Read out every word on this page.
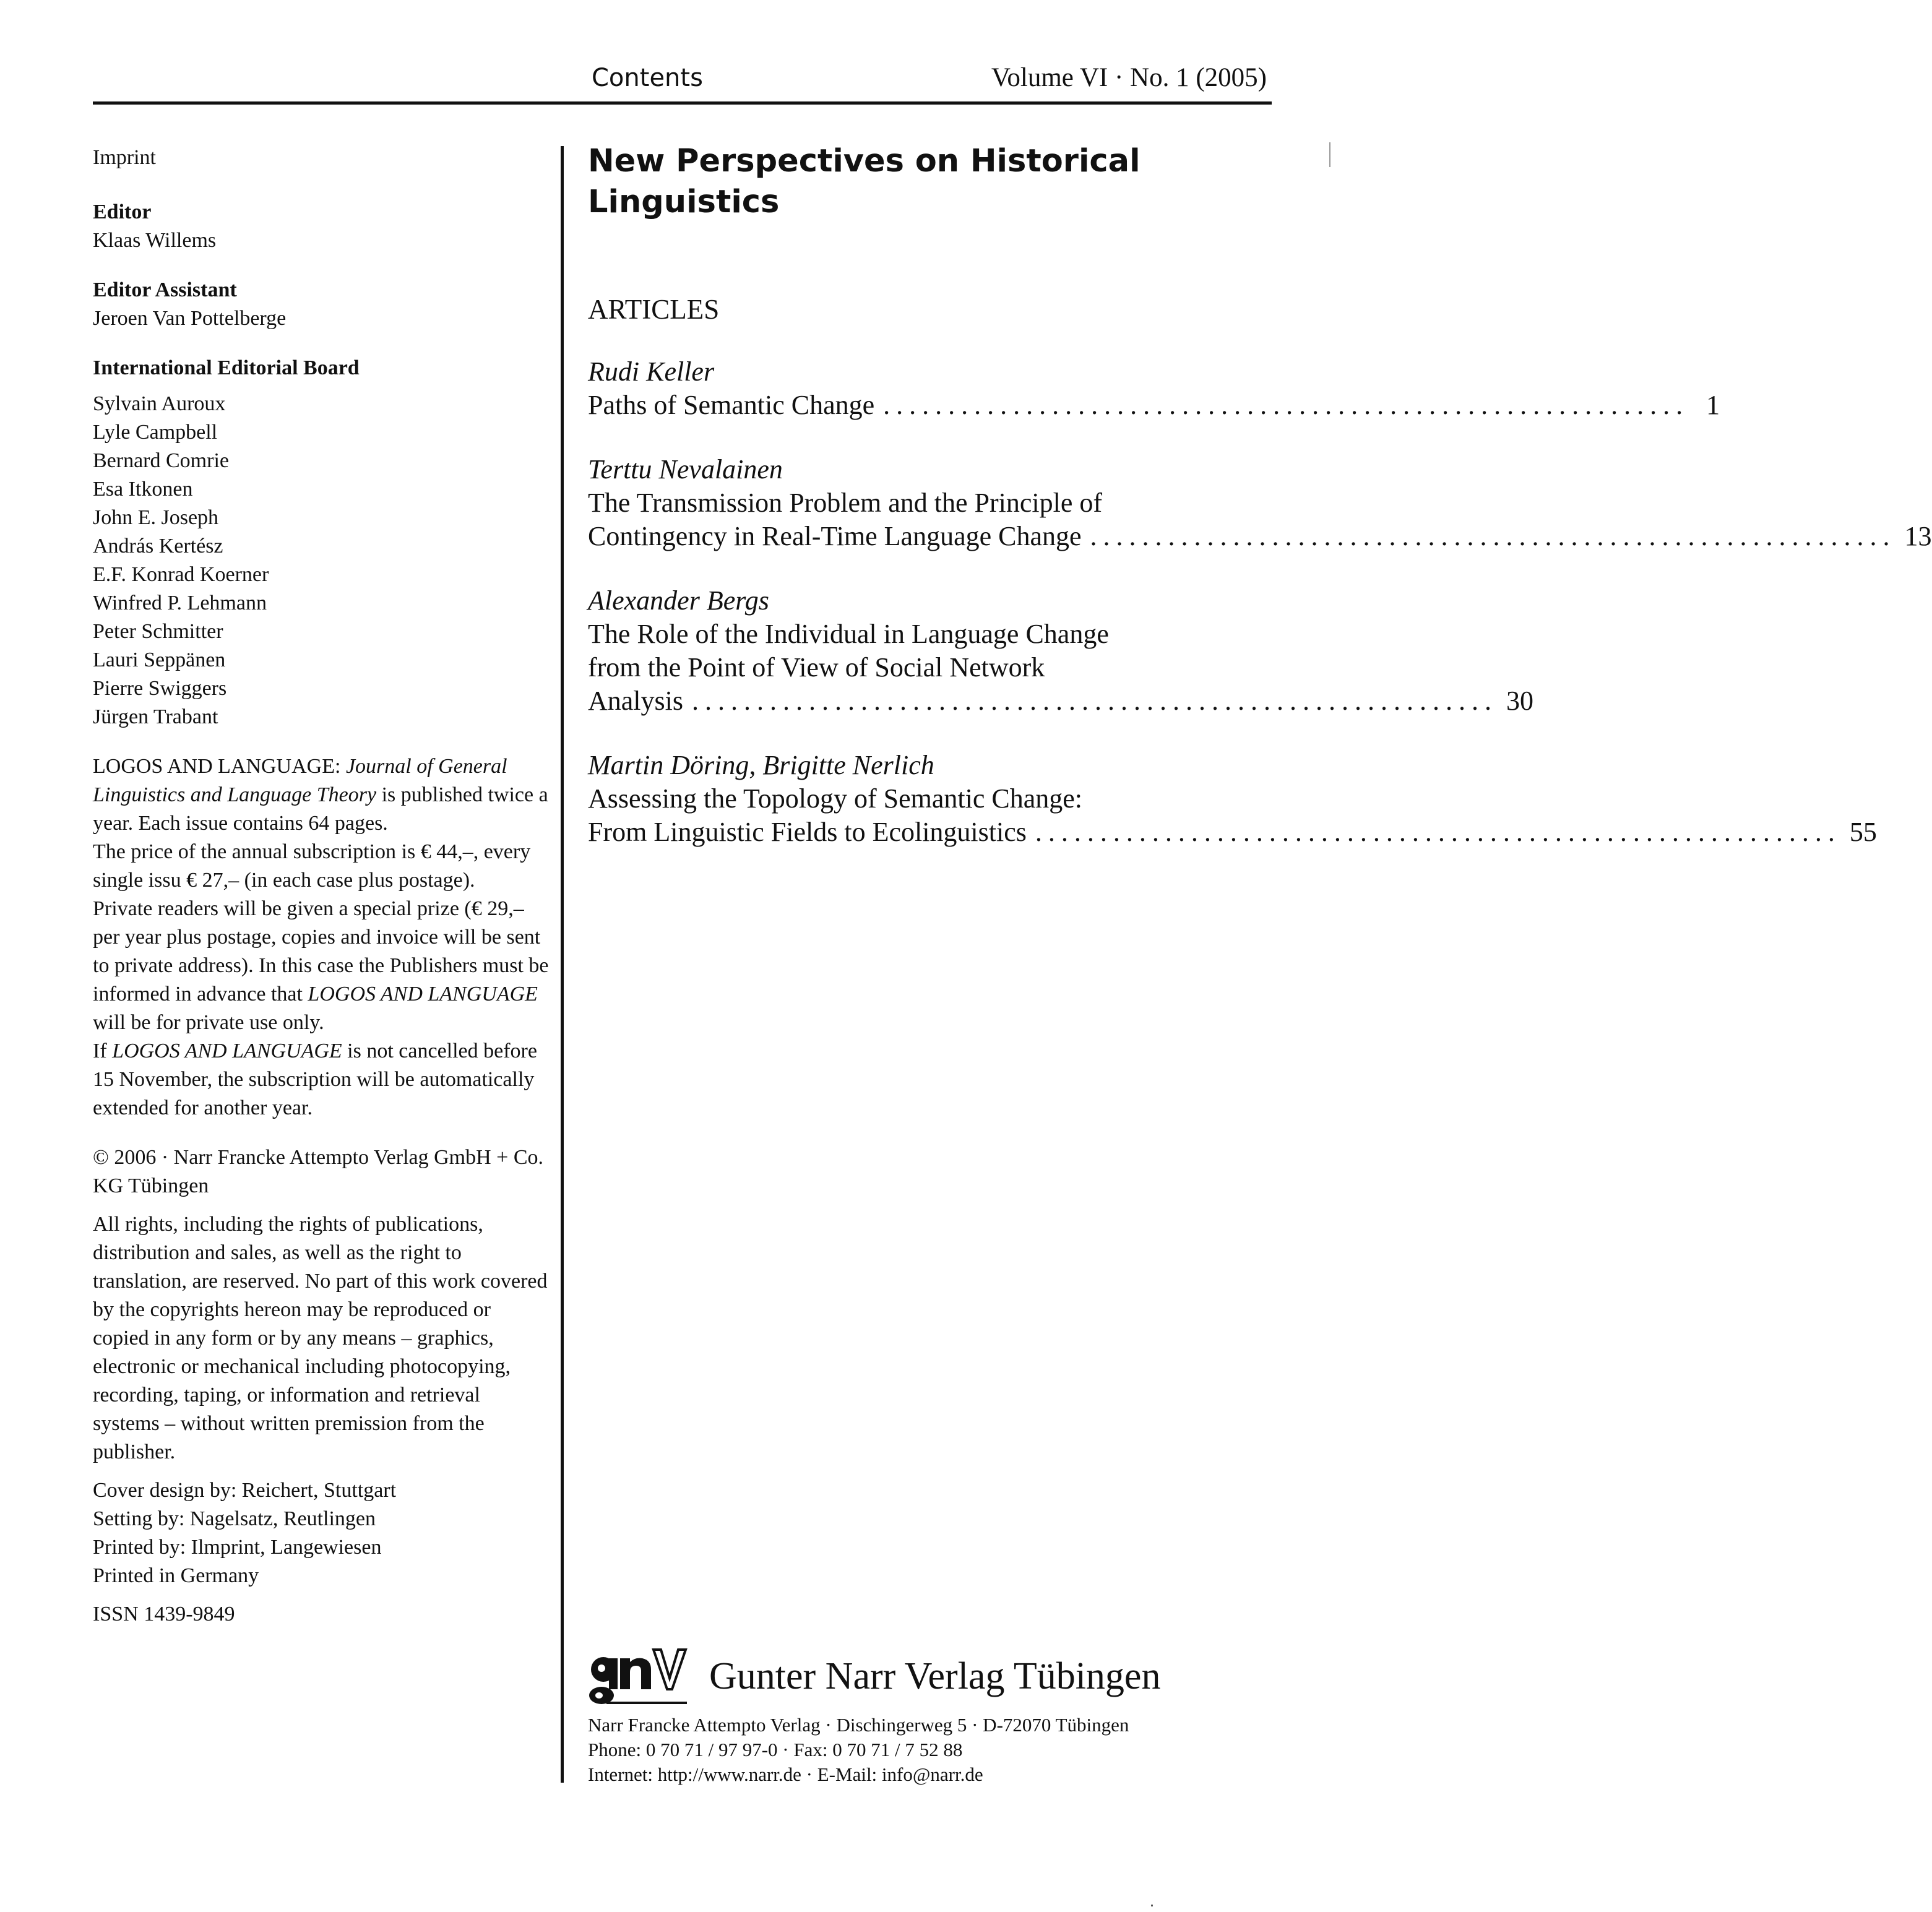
Contents	Volume VI · No. 1 (2005)

Imprint

Editor

Klaas Willems

Editor Assistant

Jeroen Van Pottelberge

International Editorial Board

Sylvain Auroux

Lyle Campbell

Bernard Comrie

Esa Itkonen

John E. Joseph

András Kertész

E.F. Konrad Koerner

Winfred P. Lehmann

Peter Schmitter

Lauri Seppänen

Pierre Swiggers

Jürgen Trabant

LOGOS AND LANGUAGE: Journal of General Linguistics and Language Theory is published twice a year. Each issue contains 64 pages.

The price of the annual subscription is € 44,–, every single issu € 27,– (in each case plus postage).

Private readers will be given a special prize (€ 29,– per year plus postage, copies and invoice will be sent to private address). In this case the Publishers must be informed in advance that LOGOS AND LANGUAGE will be for private use only.

If LOGOS AND LANGUAGE is not cancelled before 15 November, the subscription will be automatically extended for another year.

© 2006 · Narr Francke Attempto Verlag GmbH + Co. KG Tübingen

All rights, including the rights of publications, distribution and sales, as well as the right to translation, are reserved. No part of this work covered by the copyrights hereon may be reproduced or copied in any form or by any means – graphics, electronic or mechanical including photocopying, recording, taping, or information and retrieval systems – without written premission from the publisher.

Cover design by: Reichert, Stuttgart

Setting by: Nagelsatz, Reutlingen

Printed by: Ilmprint, Langewiesen

Printed in Germany

ISSN 1439-9849

New Perspectives on Historical Linguistics
ARTICLES
Rudi Keller
Paths of Semantic Change .............................................................. 1
Terttu Nevalainen
The Transmission Problem and the Principle of
Contingency in Real-Time Language Change .............................................................. 13
Alexander Bergs
The Role of the Individual in Language Change
from the Point of View of Social Network
Analysis .............................................................. 30
Martin Döring, Brigitte Nerlich
Assessing the Topology of Semantic Change:
From Linguistic Fields to Ecolinguistics .............................................................. 55
Gunter Narr Verlag Tübingen

Narr Francke Attempto Verlag · Dischingerweg 5 · D-72070 Tübingen

Phone: 0 70 71 / 97 97-0 · Fax: 0 70 71 / 7 52 88

Internet: http://www.narr.de · E-Mail: info@narr.de
